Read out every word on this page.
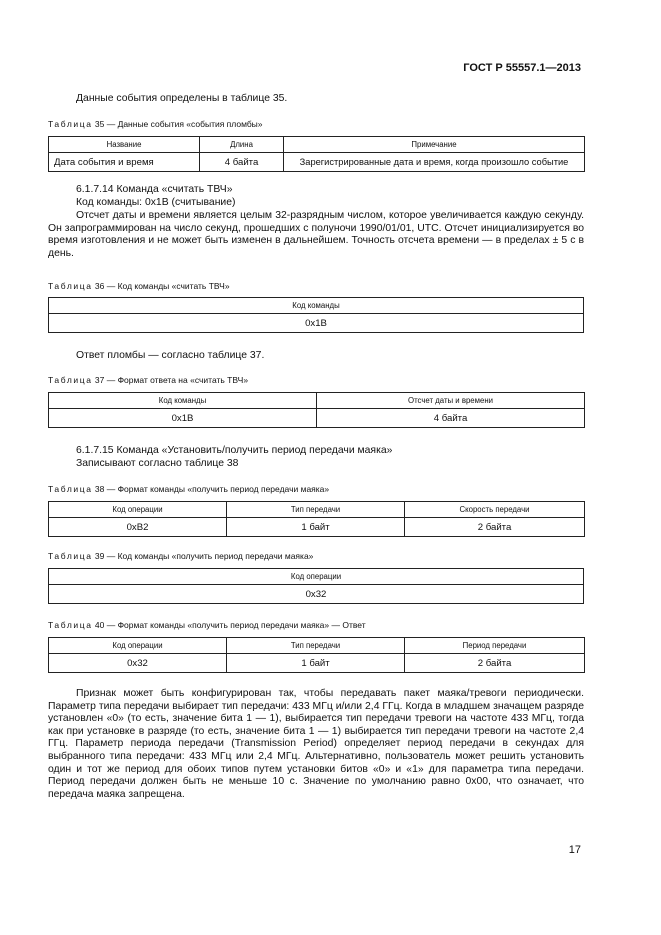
ГОСТ Р 55557.1—2013
Данные события определены в таблице 35.
Таблица 35 — Данные события «события пломбы»
Название	Длина	Примечание
Дата события и время	4 байта	Зарегистрированные дата и время, когда произошло событие
6.1.7.14 Команда «считать ТВЧ»
Код команды: 0x1B (считывание)
Отсчет даты и времени является целым 32-разрядным числом, которое увеличивается каждую секунду. Он запрограммирован на число секунд, прошедших с полуночи 1990/01/01, UTC. Отсчет инициализируется во время изготовления и не может быть изменен в дальнейшем. Точность отсчета времени — в пределах ± 5 с в день.
Таблица 36 — Код команды «считать ТВЧ»
Код команды
0x1B
Ответ пломбы — согласно таблице 37.
Таблица 37 — Формат ответа на «считать ТВЧ»
Код команды	Отсчет даты и времени
0x1B	4 байта
6.1.7.15 Команда «Установить/получить период передачи маяка»
Записывают согласно таблице 38
Таблица 38 — Формат команды «получить период передачи маяка»
Код операции	Тип передачи	Скорость передачи
0xB2	1 байт	2 байта
Таблица 39 — Код команды «получить период передачи маяка»
Код операции
0x32
Таблица 40 — Формат команды «получить период передачи маяка» — Ответ
Код операции	Тип передачи	Период передачи
0x32	1 байт	2 байта
Признак может быть конфигурирован так, чтобы передавать пакет маяка/тревоги периодически. Параметр типа передачи выбирает тип передачи: 433 МГц и/или 2,4 ГГц. Когда в младшем значащем разряде установлен «0» (то есть, значение бита 1 — 1), выбирается тип передачи тревоги на частоте 433 МГц, тогда как при установке в разряде (то есть, значение бита 1 — 1) выбирается тип передачи тревоги на частоте 2,4 ГГц. Параметр периода передачи (Transmission Period) определяет период передачи в секундах для выбранного типа передачи: 433 МГц или 2,4 МГц. Альтернативно, пользователь может решить установить один и тот же период для обоих типов путем установки битов «0» и «1» для параметра типа передачи. Период передачи должен быть не меньше 10 с. Значение по умолчанию равно 0x00, что означает, что передача маяка запрещена.
17
